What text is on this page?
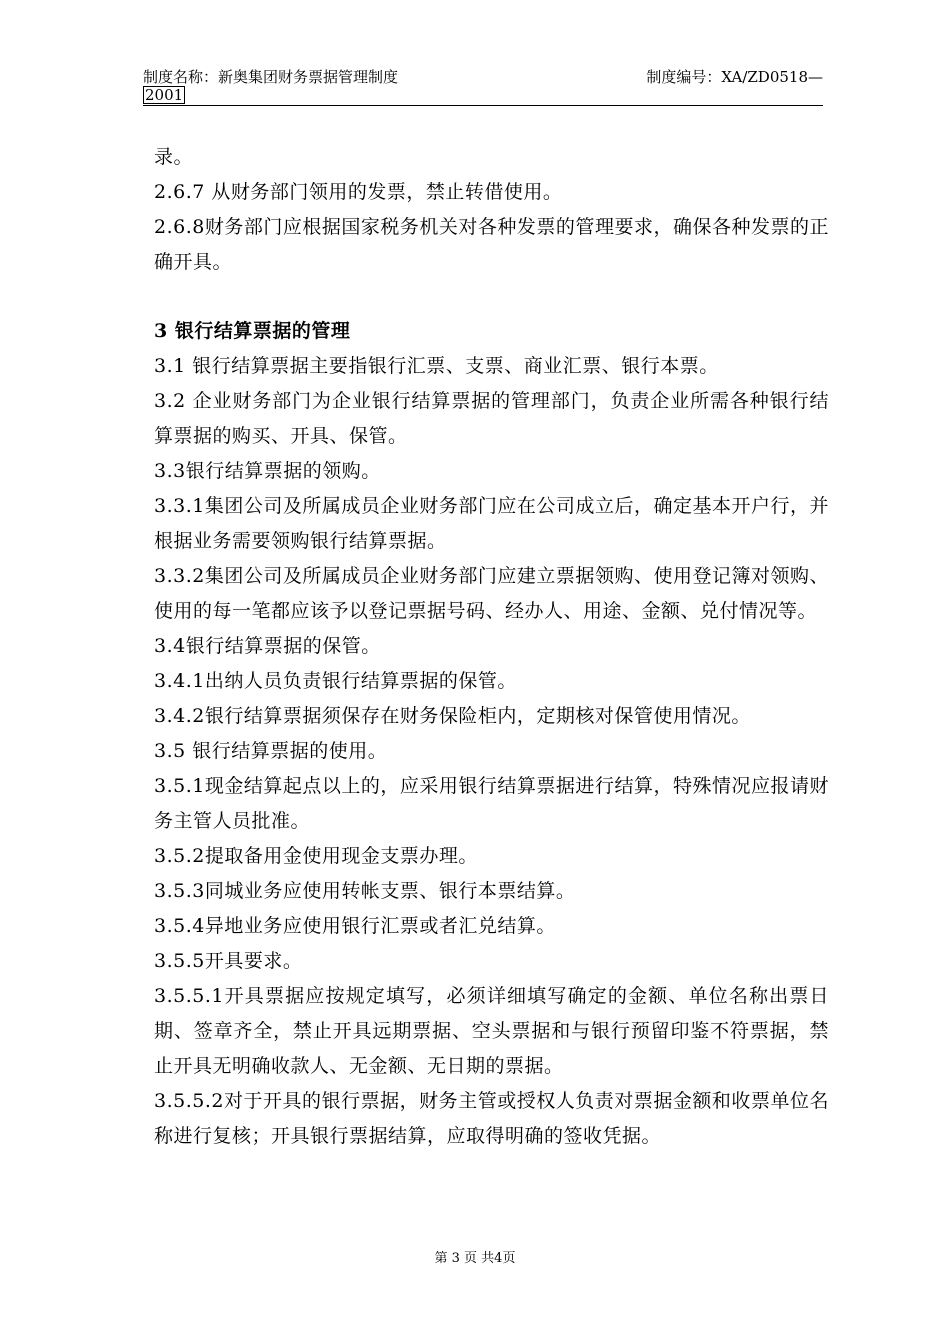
制度名称：新奥集团财务票据管理制度	制度编号：XA/ZD0518—
2001

录。

2.6.7 从财务部门领用的发票，禁止转借使用。

2.6.8财务部门应根据国家税务机关对各种发票的管理要求，确保各种发票的正确开具。

3 银行结算票据的管理

3.1 银行结算票据主要指银行汇票、支票、商业汇票、银行本票。

3.2 企业财务部门为企业银行结算票据的管理部门，负责企业所需各种银行结算票据的购买、开具、保管。

3.3银行结算票据的领购。

3.3.1集团公司及所属成员企业财务部门应在公司成立后，确定基本开户行，并根据业务需要领购银行结算票据。

3.3.2集团公司及所属成员企业财务部门应建立票据领购、使用登记簿对领购、使用的每一笔都应该予以登记票据号码、经办人、用途、金额、兑付情况等。

3.4银行结算票据的保管。

3.4.1出纳人员负责银行结算票据的保管。

3.4.2银行结算票据须保存在财务保险柜内，定期核对保管使用情况。

3.5 银行结算票据的使用。

3.5.1现金结算起点以上的，应采用银行结算票据进行结算，特殊情况应报请财务主管人员批准。

3.5.2提取备用金使用现金支票办理。

3.5.3同城业务应使用转帐支票、银行本票结算。

3.5.4异地业务应使用银行汇票或者汇兑结算。

3.5.5开具要求。

3.5.5.1开具票据应按规定填写，必须详细填写确定的金额、单位名称出票日期、签章齐全，禁止开具远期票据、空头票据和与银行预留印鉴不符票据，禁止开具无明确收款人、无金额、无日期的票据。

3.5.5.2对于开具的银行票据，财务主管或授权人负责对票据金额和收票单位名称进行复核；开具银行票据结算，应取得明确的签收凭据。

第 3 页 共4页
